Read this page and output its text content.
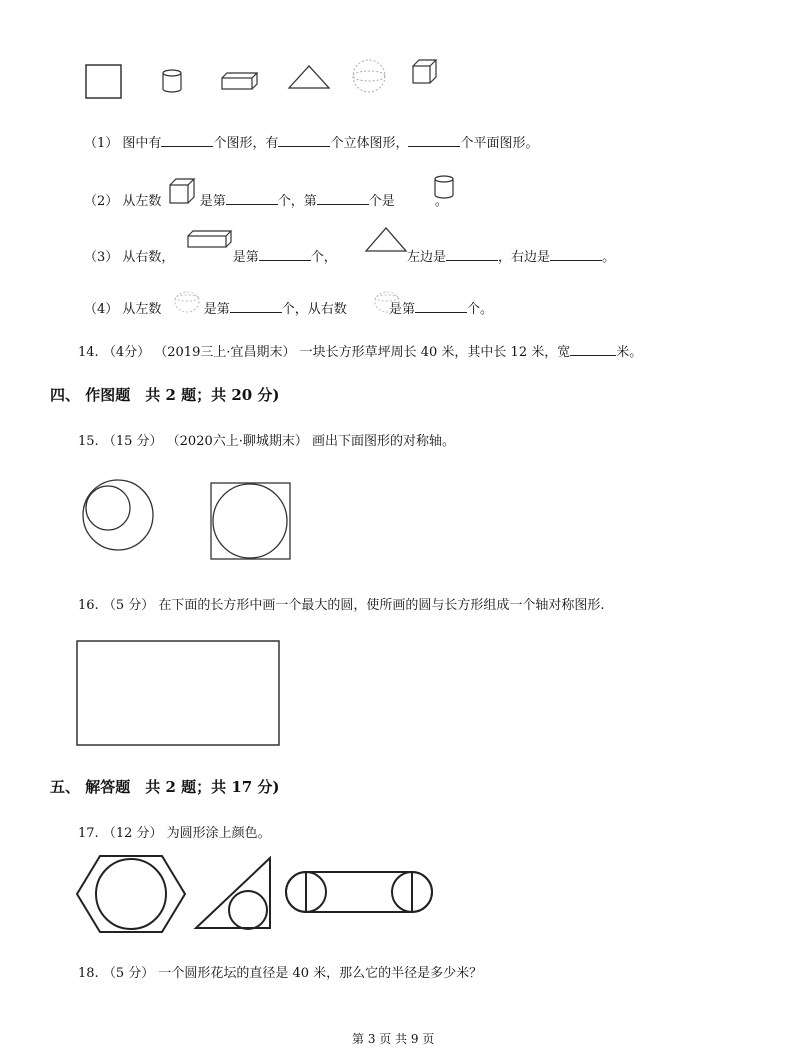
（1） 图中有	个图形，有	个立体图形，	个平面图形。
（2） 从左数	是第	个，第	个是	。
（3） 从右数，	是第	个，	左边是	，右边是	。
（4） 从左数	是第	个，从右数	是第	个。
14. （4分） （2019三上·宜昌期末） 一块长方形草坪周长 40 米，其中长 12 米，宽	米。
四、 作图题　共 2 题；共 20 分)
15. （15 分） （2020六上·聊城期末） 画出下面图形的对称轴。
16. （5 分） 在下面的长方形中画一个最大的圆，使所画的圆与长方形组成一个轴对称图形.
五、 解答题　共 2 题；共 17 分)
17. （12 分） 为圆形涂上颜色。
18. （5 分） 一个圆形花坛的直径是 40 米，那么它的半径是多少米？
第 3 页 共 9 页
